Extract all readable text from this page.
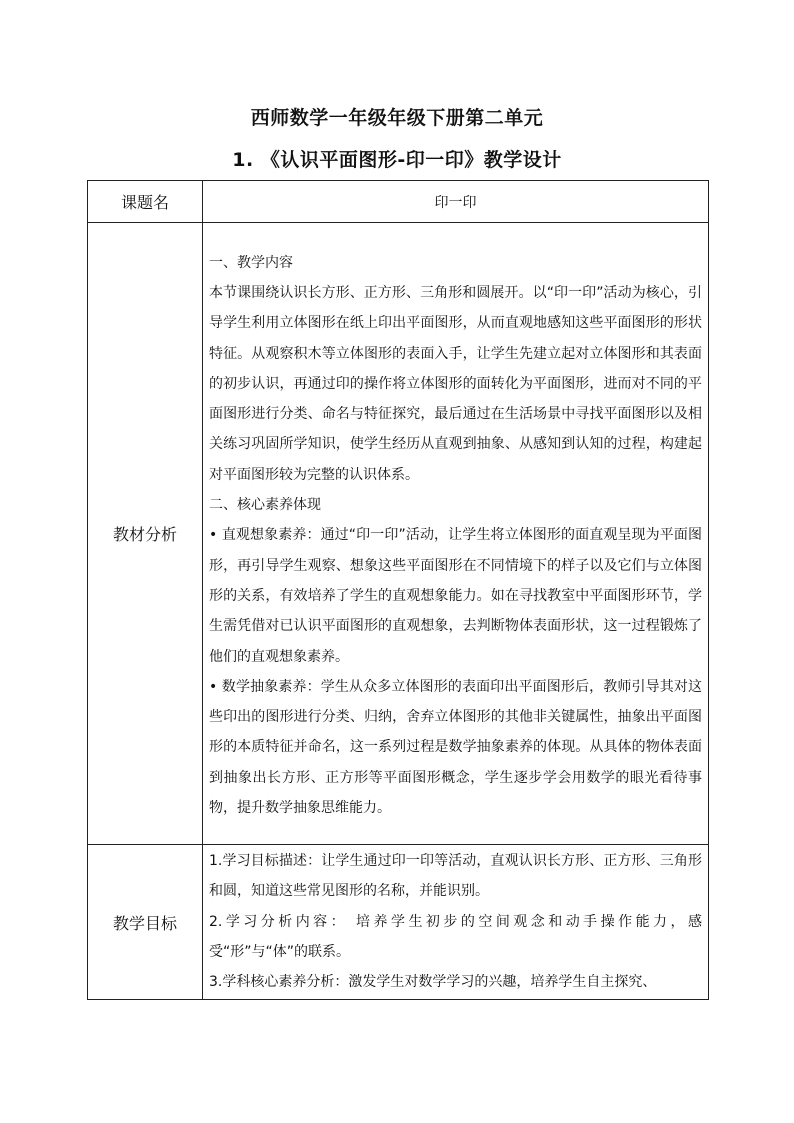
西师数学一年级年级下册第二单元
1. 《认识平面图形-印一印》教学设计
课题名	印一印
教材分析	一、教学内容

本节课围绕认识长方形、正方形、三角形和圆展开。以“印一印”活动为核心，引导学生利用立体图形在纸上印出平面图形，从而直观地感知这些平面图形的形状特征。从观察积木等立体图形的表面入手，让学生先建立起对立体图形和其表面的初步认识，再通过印的操作将立体图形的面转化为平面图形，进而对不同的平面图形进行分类、命名与特征探究，最后通过在生活场景中寻找平面图形以及相关练习巩固所学知识，使学生经历从直观到抽象、从感知到认知的过程，构建起对平面图形较为完整的认识体系。

二、核心素养体现

• 直观想象素养：通过“印一印”活动，让学生将立体图形的面直观呈现为平面图形，再引导学生观察、想象这些平面图形在不同情境下的样子以及它们与立体图形的关系，有效培养了学生的直观想象能力。如在寻找教室中平面图形环节，学生需凭借对已认识平面图形的直观想象，去判断物体表面形状，这一过程锻炼了他们的直观想象素养。

• 数学抽象素养：学生从众多立体图形的表面印出平面图形后，教师引导其对这些印出的图形进行分类、归纳，舍弃立体图形的其他非关键属性，抽象出平面图形的本质特征并命名，这一系列过程是数学抽象素养的体现。从具体的物体表面到抽象出长方形、正方形等平面图形概念，学生逐步学会用数学的眼光看待事物，提升数学抽象思维能力。

教学目标	1.学习目标描述：让学生通过印一印等活动，直观认识长方形、正方形、三角形和圆，知道这些常见图形的名称，并能识别。

2.学习分析内容： 培养学生初步的空间观念和动手操作能力，感受“形”与“体”的联系。

3.学科核心素养分析：激发学生对数学学习的兴趣，培养学生自主探究、
